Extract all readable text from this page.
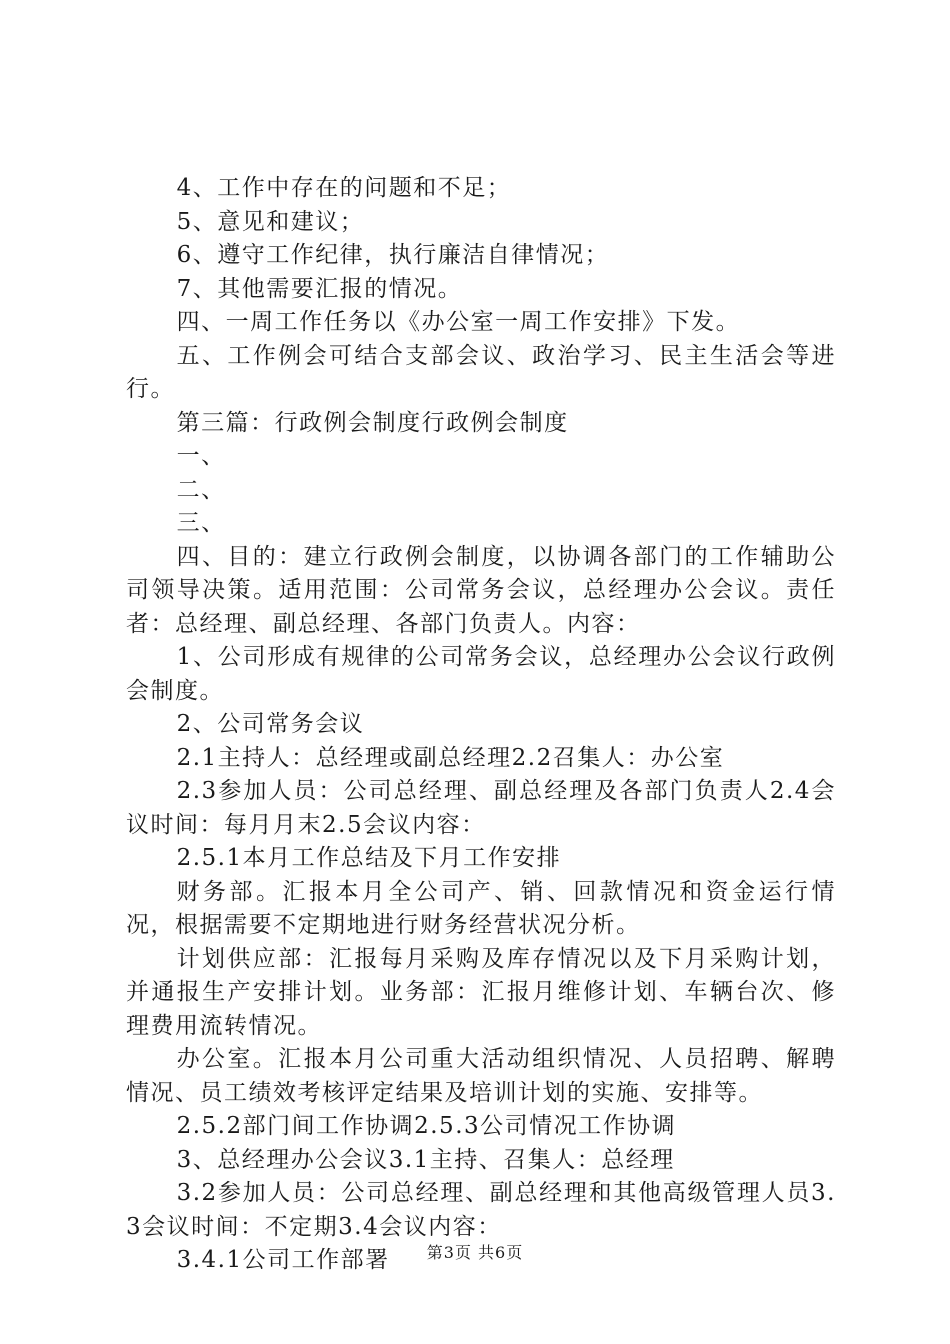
4、工作中存在的问题和不足；

5、意见和建议；

6、遵守工作纪律，执行廉洁自律情况；

7、其他需要汇报的情况。

四、一周工作任务以《办公室一周工作安排》下发。

五、工作例会可结合支部会议、政治学习、民主生活会等进行。

第三篇：行政例会制度行政例会制度

一、

二、

三、

四、目的：建立行政例会制度，以协调各部门的工作辅助公司领导决策。适用范围：公司常务会议，总经理办公会议。责任者：总经理、副总经理、各部门负责人。内容：

1、公司形成有规律的公司常务会议，总经理办公会议行政例会制度。

2、公司常务会议

2.1主持人：总经理或副总经理2.2召集人：办公室

2.3参加人员：公司总经理、副总经理及各部门负责人2.4会议时间：每月月末2.5会议内容：

2.5.1本月工作总结及下月工作安排

财务部。汇报本月全公司产、销、回款情况和资金运行情况，根据需要不定期地进行财务经营状况分析。

计划供应部：汇报每月采购及库存情况以及下月采购计划，并通报生产安排计划。业务部：汇报月维修计划、车辆台次、修理费用流转情况。

办公室。汇报本月公司重大活动组织情况、人员招聘、解聘情况、员工绩效考核评定结果及培训计划的实施、安排等。

2.5.2部门间工作协调2.5.3公司情况工作协调

3、总经理办公会议3.1主持、召集人：总经理

3.2参加人员：公司总经理、副总经理和其他高级管理人员3.3会议时间：不定期3.4会议内容：

3.4.1公司工作部署	第3页 共6页
